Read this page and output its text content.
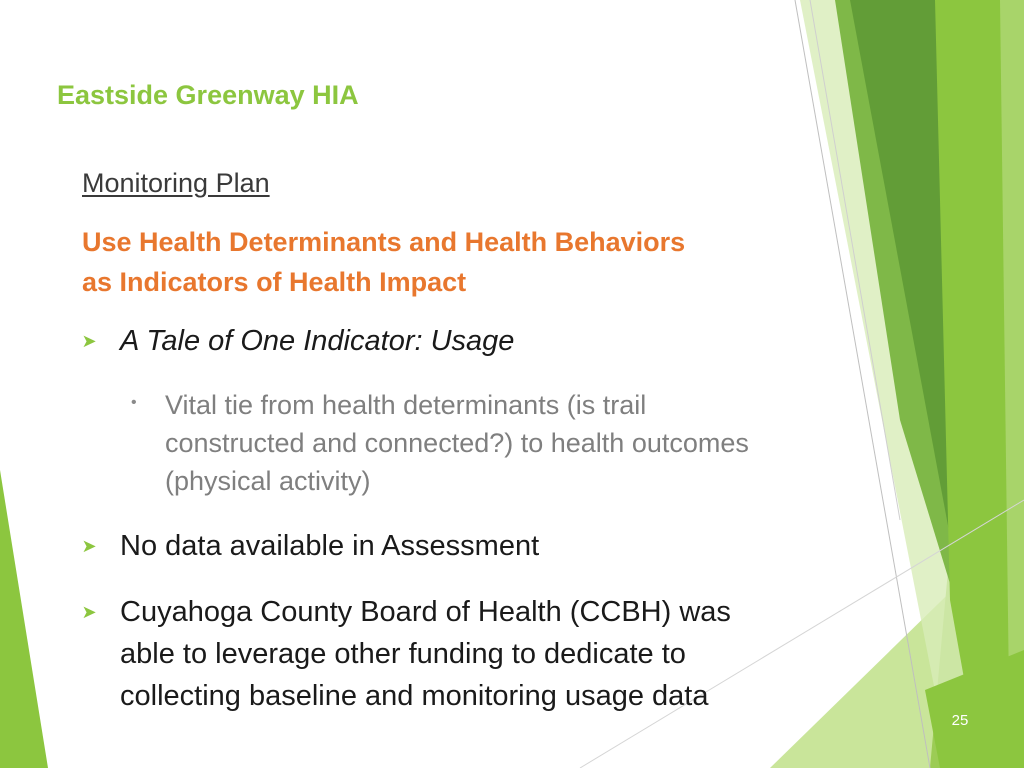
Eastside Greenway HIA
Monitoring Plan
Use Health Determinants and Health Behaviors
as Indicators of Health Impact
➤ A Tale of One Indicator: Usage
• Vital tie from health determinants (is trail
constructed and connected?) to health outcomes
(physical activity)
➤ No data available in Assessment
➤ Cuyahoga County Board of Health (CCBH) was
able to leverage other funding to dedicate to
collecting baseline and monitoring usage data
25
